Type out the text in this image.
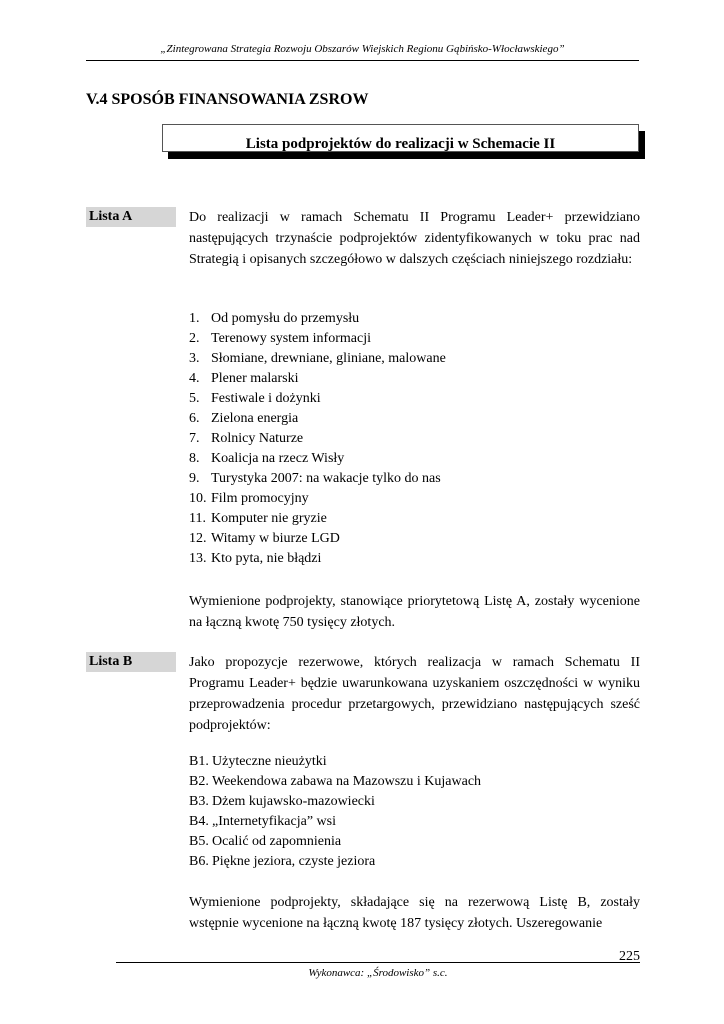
„Zintegrowana Strategia Rozwoju Obszarów Wiejskich Regionu Gąbińsko-Włocławskiego”
V.4 SPOSÓB FINANSOWANIA ZSROW
Lista podprojektów do realizacji w Schemacie II
Lista A	Do realizacji w ramach Schematu II Programu Leader+ przewidziano następujących trzynaście podprojektów zidentyfikowanych w toku prac nad Strategią i opisanych szczegółowo w dalszych częściach niniejszego rozdziału:

1. Od pomysłu do przemysłu
2. Terenowy system informacji
3. Słomiane, drewniane, gliniane, malowane
4. Plener malarski
5. Festiwale i dożynki
6. Zielona energia
7. Rolnicy Naturze
8. Koalicja na rzecz Wisły
9. Turystyka 2007: na wakacje tylko do nas
10. Film promocyjny
11. Komputer nie gryzie
12. Witamy w biurze LGD
13. Kto pyta, nie błądzi

Wymienione podprojekty, stanowiące priorytetową Listę A, zostały wycenione na łączną kwotę 750 tysięcy złotych.

Lista B	Jako propozycje rezerwowe, których realizacja w ramach Schematu II Programu Leader+ będzie uwarunkowana uzyskaniem oszczędności w wyniku przeprowadzenia procedur przetargowych, przewidziano następujących sześć podprojektów:

B1. Użyteczne nieużytki
B2. Weekendowa zabawa na Mazowszu i Kujawach
B3. Dżem kujawsko-mazowiecki
B4. „Internetyfikacja” wsi
B5. Ocalić od zapomnienia
B6. Piękne jeziora, czyste jeziora

Wymienione podprojekty, składające się na rezerwową Listę B, zostały wstępnie wycenione na łączną kwotę 187 tysięcy złotych. Uszeregowanie

225
Wykonawca: „Środowisko” s.c.
